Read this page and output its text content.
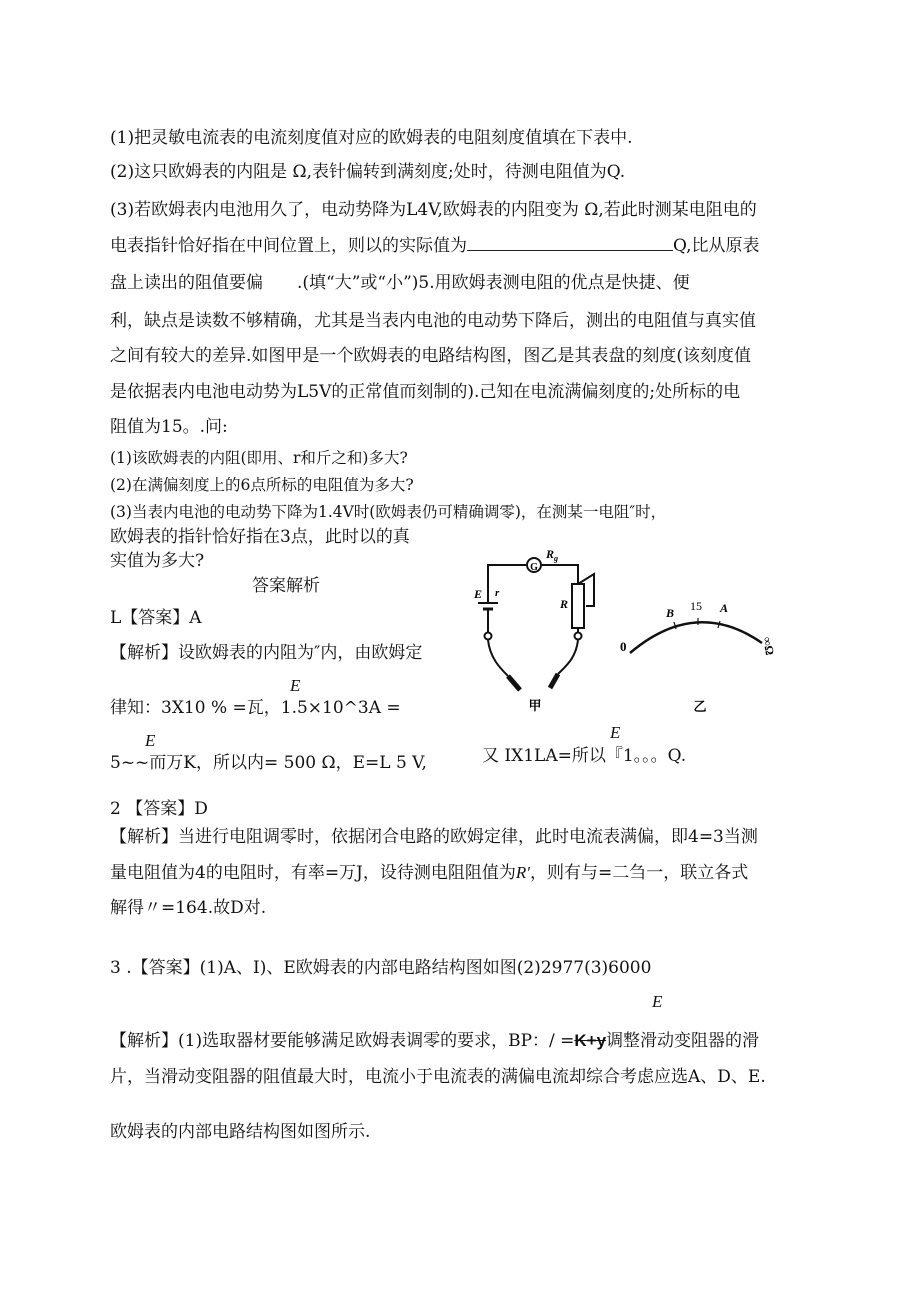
(1)把灵敏电流表的电流刻度值对应的欧姆表的电阻刻度值填在下表中.
(2)这只欧姆表的内阻是 Ω,表针偏转到满刻度;处时，待测电阻值为Q.
(3)若欧姆表内电池用久了，电动势降为L4V,欧姆表的内阻变为 Ω,若此时测某电阻电的
电表指针恰好指在中间位置上，则以的实际值为	Q,比从原表
盘上读出的阻值要偏　　.(填“大”或“小”)5.用欧姆表测电阻的优点是快捷、便
利，缺点是读数不够精确，尤其是当表内电池的电动势下降后，测出的电阻值与真实值
之间有较大的差异.如图甲是一个欧姆表的电路结构图，图乙是其表盘的刻度(该刻度值
是依据表内电池电动势为L5V的正常值而刻制的).己知在电流满偏刻度的;处所标的电
阻值为15。.问:
(1)该欧姆表的内阻(即用、r和斤之和)多大?
(2)在满偏刻度上的6点所标的电阻值为多大?
(3)当表内电池的电动势下降为1.4V时(欧姆表仍可精确调零)，在测某一电阻″时，
欧姆表的指针恰好指在3点，此时以的真
实值为多大?
答案解析
L【答案】A
【解析】设欧姆表的内阻为″内，由欧姆定
E
律知：3X10 % =瓦，1.5×10^3A =
E
5~~而万K，所以内= 500 Ω，E=L 5 V,
E
又 IX1LA=所以『1。。。Q.
2 【答案】D
【解析】当进行电阻调零时，依据闭合电路的欧姆定律，此时电流表满偏，即4=3当测
量电阻值为4的电阻时，有率=万J，设待测电阻阻值为R′，则有与=二刍一，联立各式
解得〃=164.故D对.
3 .【答案】(1)A、I)、E欧姆表的内部电路结构图如图(2)2977(3)6000
E
【解析】(1)选取器材要能够满足欧姆表调零的要求，BP：/ =K+y调整滑动变阻器的滑
片，当滑动变阻器的阻值最大时，电流小于电流表的满偏电流却综合考虑应选A、D、E.
欧姆表的内部电路结构图如图所示.
G
$R_g$
E r
R
甲
0
B 15 A
∞Ω
乙
